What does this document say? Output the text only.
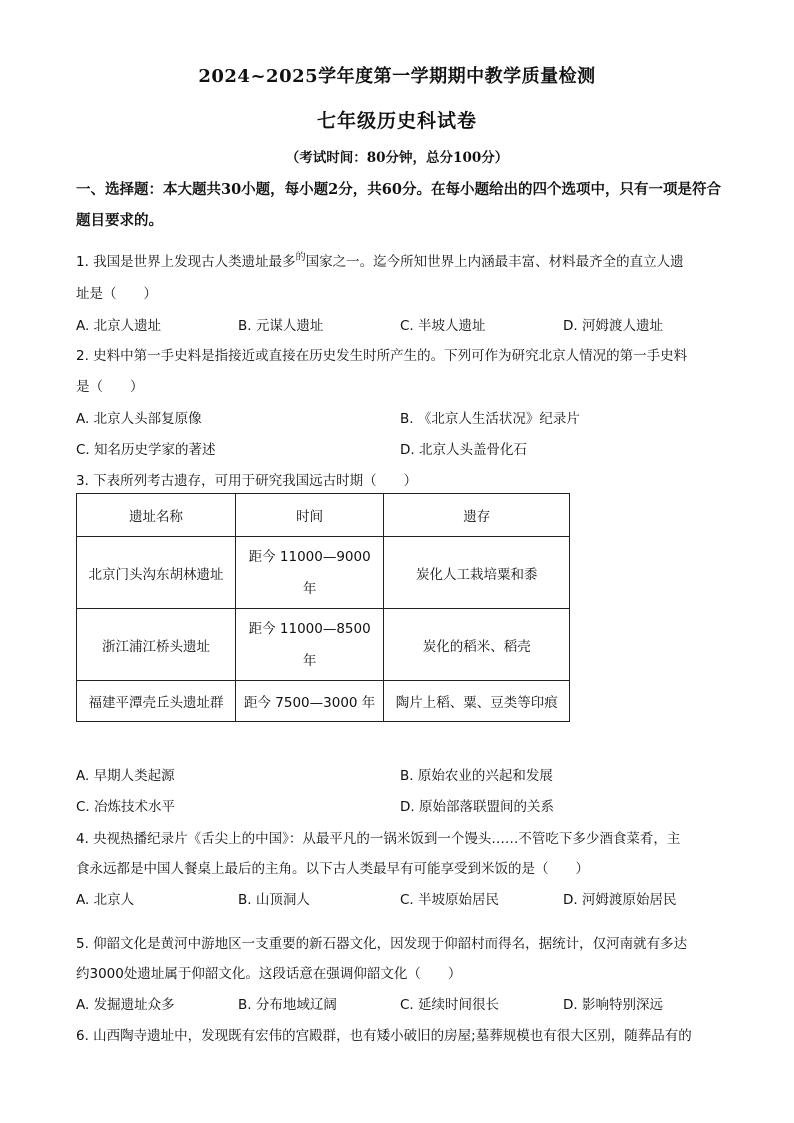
2024~2025学年度第一学期期中教学质量检测
七年级历史科试卷
（考试时间：80分钟，总分100分）
一、选择题：本大题共30小题，每小题2分，共60分。在每小题给出的四个选项中，只有一项是符合题目要求的。
1. 我国是世界上发现古人类遗址最多$^的$国家之一。迄今所知世界上内涵最丰富、材料最齐全的直立人遗
址是（　　）
A. 北京人遗址	B. 元谋人遗址	C. 半坡人遗址	D. 河姆渡人遗址
2. 史料中第一手史料是指接近或直接在历史发生时所产生的。下列可作为研究北京人情况的第一手史料
是（　　）
A. 北京人头部复原像	B. 《北京人生活状况》纪录片
C. 知名历史学家的著述	D. 北京人头盖骨化石
3. 下表所列考古遗存，可用于研究我国远古时期（　　）
遗址名称	时间	遗存
北京门头沟东胡林遗址	距今 11000—9000 年	炭化人工栽培粟和黍
浙江浦江桥头遗址	距今 11000—8500 年	炭化的稻米、稻壳
福建平潭壳丘头遗址群	距今 7500—3000 年	陶片上稻、粟、豆类等印痕
A. 早期人类起源	B. 原始农业的兴起和发展
C. 冶炼技术水平	D. 原始部落联盟间的关系
4. 央视热播纪录片《舌尖上的中国》：从最平凡的一锅米饭到一个馒头……不管吃下多少酒食菜肴，主
食永远都是中国人餐桌上最后的主角。以下古人类最早有可能享受到米饭的是（　　）
A. 北京人	B. 山顶洞人	C. 半坡原始居民	D. 河姆渡原始居民
5. 仰韶文化是黄河中游地区一支重要的新石器文化，因发现于仰韶村而得名，据统计，仅河南就有多达
约3000处遗址属于仰韶文化。这段话意在强调仰韶文化（　　）
A. 发掘遗址众多	B. 分布地域辽阔	C. 延续时间很长	D. 影响特别深远
6. 山西陶寺遗址中，发现既有宏伟的宫殿群，也有矮小破旧的房屋;墓葬规模也有很大区别，随葬品有的
